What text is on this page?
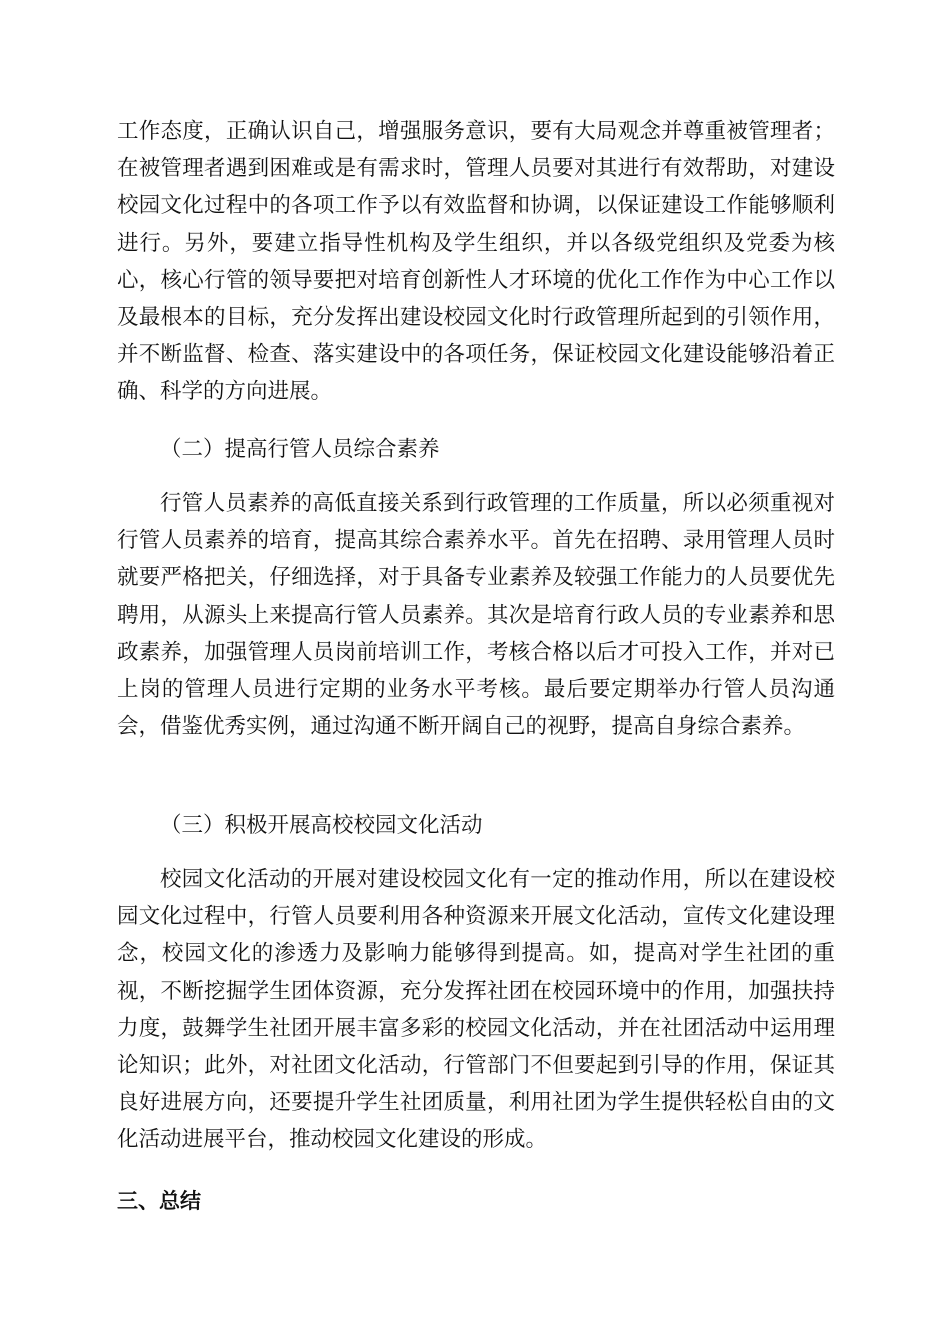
工作态度，正确认识自己，增强服务意识，要有大局观念并尊重被管理者；在被管理者遇到困难或是有需求时，管理人员要对其进行有效帮助，对建设校园文化过程中的各项工作予以有效监督和协调，以保证建设工作能够顺利进行。另外，要建立指导性机构及学生组织，并以各级党组织及党委为核心，核心行管的领导要把对培育创新性人才环境的优化工作作为中心工作以及最根本的目标，充分发挥出建设校园文化时行政管理所起到的引领作用，并不断监督、检查、落实建设中的各项任务，保证校园文化建设能够沿着正确、科学的方向进展。

（二）提高行管人员综合素养

行管人员素养的高低直接关系到行政管理的工作质量，所以必须重视对行管人员素养的培育，提高其综合素养水平。首先在招聘、录用管理人员时就要严格把关，仔细选择，对于具备专业素养及较强工作能力的人员要优先聘用，从源头上来提高行管人员素养。其次是培育行政人员的专业素养和思政素养，加强管理人员岗前培训工作，考核合格以后才可投入工作，并对已上岗的管理人员进行定期的业务水平考核。最后要定期举办行管人员沟通会，借鉴优秀实例，通过沟通不断开阔自己的视野，提高自身综合素养。

（三）积极开展高校校园文化活动

校园文化活动的开展对建设校园文化有一定的推动作用，所以在建设校园文化过程中，行管人员要利用各种资源来开展文化活动，宣传文化建设理念，校园文化的渗透力及影响力能够得到提高。如，提高对学生社团的重视，不断挖掘学生团体资源，充分发挥社团在校园环境中的作用，加强扶持力度，鼓舞学生社团开展丰富多彩的校园文化活动，并在社团活动中运用理论知识；此外，对社团文化活动，行管部门不但要起到引导的作用，保证其良好进展方向，还要提升学生社团质量，利用社团为学生提供轻松自由的文化活动进展平台，推动校园文化建设的形成。

三、总结
